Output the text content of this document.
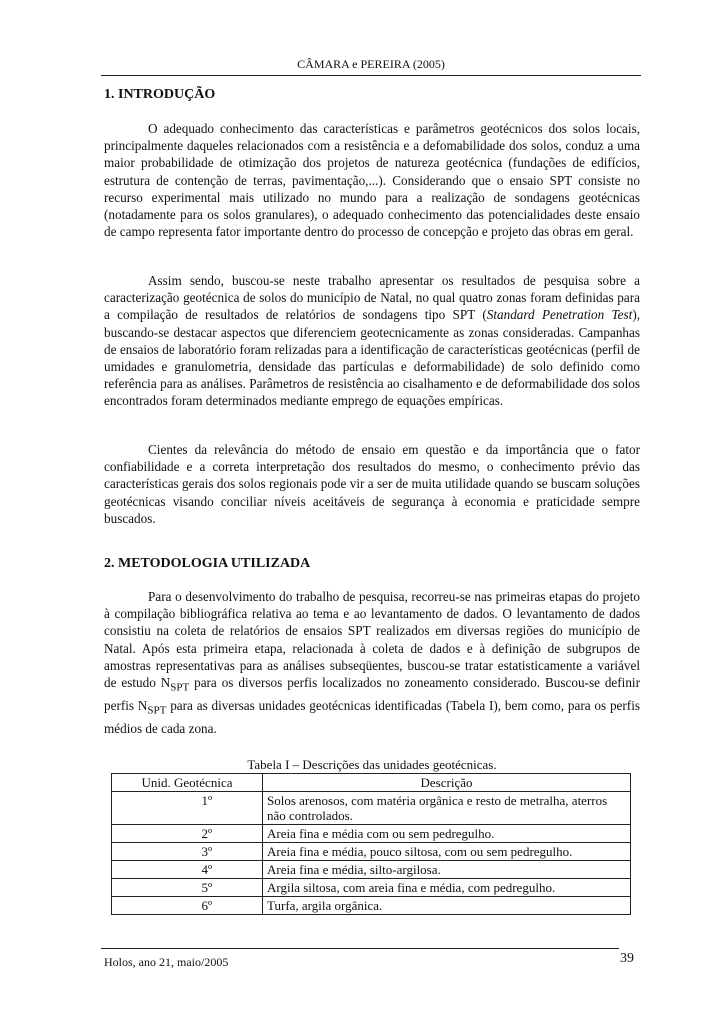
CÂMARA e PEREIRA (2005)
1. INTRODUÇÃO

O adequado conhecimento das características e parâmetros geotécnicos dos solos locais, principalmente daqueles relacionados com a resistência e a defomabilidade dos solos, conduz a uma maior probabilidade de otimização dos projetos de natureza geotécnica (fundações de edifícios, estrutura de contenção de terras, pavimentação,...). Considerando que o ensaio SPT consiste no recurso experimental mais utilizado no mundo para a realização de sondagens geotécnicas (notadamente para os solos granulares), o adequado conhecimento das potencialidades deste ensaio de campo representa fator importante dentro do processo de concepção e projeto das obras em geral.

Assim sendo, buscou-se neste trabalho apresentar os resultados de pesquisa sobre a caracterização geotécnica de solos do município de Natal, no qual quatro zonas foram definidas para a compilação de resultados de relatórios de sondagens tipo SPT (Standard Penetration Test), buscando-se destacar aspectos que diferenciem geotecnicamente as zonas consideradas. Campanhas de ensaios de laboratório foram relizadas para a identificação de características geotécnicas (perfil de umidades e granulometria, densidade das partículas e deformabilidade) de solo definido como referência para as análises. Parâmetros de resistência ao cisalhamento e de deformabilidade dos solos encontrados foram determinados mediante emprego de equações empíricas.

Cientes da relevância do método de ensaio em questão e da importância que o fator confiabilidade e a correta interpretação dos resultados do mesmo, o conhecimento prévio das características gerais dos solos regionais pode vir a ser de muita utilidade quando se buscam soluções geotécnicas visando conciliar níveis aceitáveis de segurança à economia e praticidade sempre buscados.

2. METODOLOGIA UTILIZADA

Para o desenvolvimento do trabalho de pesquisa, recorreu-se nas primeiras etapas do projeto à compilação bibliográfica relativa ao tema e ao levantamento de dados. O levantamento de dados consistiu na coleta de relatórios de ensaios SPT realizados em diversas regiões do município de Natal. Após esta primeira etapa, relacionada à coleta de dados e à definição de subgrupos de amostras representativas para as análises subseqüentes, buscou-se tratar estatisticamente a variável de estudo $N_{SPT}$ para os diversos perfis localizados no zoneamento considerado. Buscou-se definir perfis $N_{SPT}$ para as diversas unidades geotécnicas identificadas (Tabela I), bem como, para os perfis médios de cada zona.

Tabela I – Descrições das unidades geotécnicas.
Unid. Geotécnica	Descrição
1º	Solos arenosos, com matéria orgânica e resto de metralha, aterros não controlados.
2º	Areia fina e média com ou sem pedregulho.
3º	Areia fina e média, pouco siltosa, com ou sem pedregulho.
4º	Areia fina e média, silto-argilosa.
5º	Argila siltosa, com areia fina e média, com pedregulho.
6º	Turfa, argila orgânica.
Holos, ano 21, maio/2005	39
